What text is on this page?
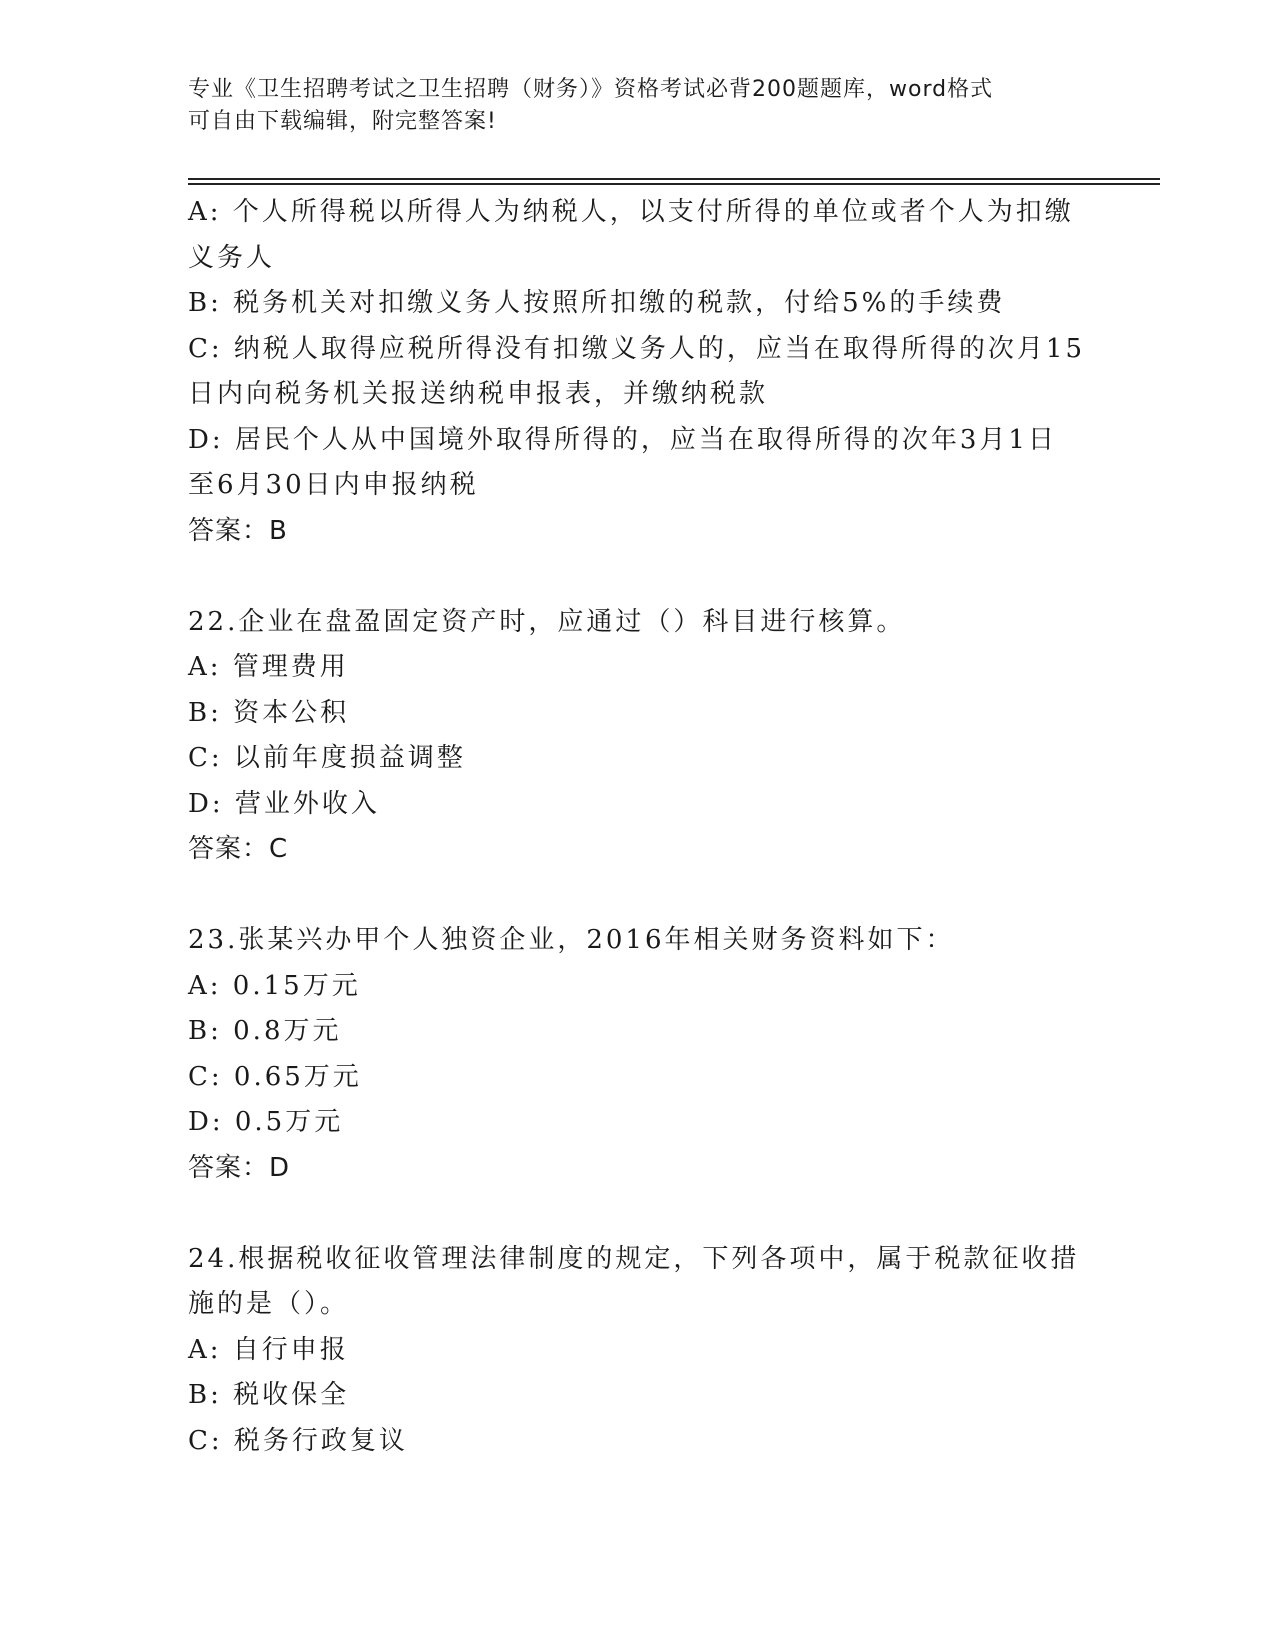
专业《卫生招聘考试之卫生招聘（财务）》资格考试必背200题题库，word格式
可自由下载编辑，附完整答案!
A: 个人所得税以所得人为纳税人，以支付所得的单位或者个人为扣缴
义务人
B: 税务机关对扣缴义务人按照所扣缴的税款，付给5%的手续费
C: 纳税人取得应税所得没有扣缴义务人的，应当在取得所得的次月15
日内向税务机关报送纳税申报表，并缴纳税款
D: 居民个人从中国境外取得所得的，应当在取得所得的次年3月1日
至6月30日内申报纳税
答案：B
22.企业在盘盈固定资产时，应通过（）科目进行核算。
A: 管理费用
B: 资本公积
C: 以前年度损益调整
D: 营业外收入
答案：C
23.张某兴办甲个人独资企业，2016年相关财务资料如下：
A: 0.15万元
B: 0.8万元
C: 0.65万元
D: 0.5万元
答案：D
24.根据税收征收管理法律制度的规定，下列各项中，属于税款征收措
施的是（）。
A: 自行申报
B: 税收保全
C: 税务行政复议
